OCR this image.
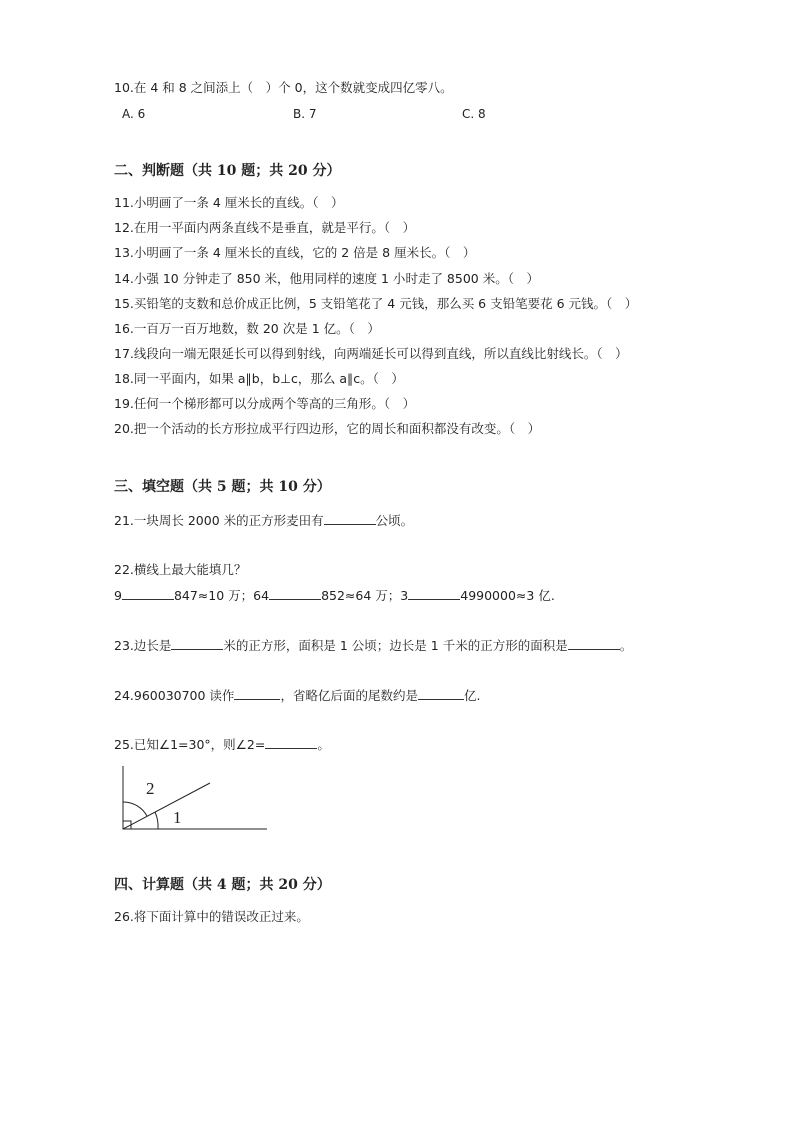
10.在 4 和 8 之间添上（　）个 0，这个数就变成四亿零八。
A. 6	B. 7	C. 8
二、判断题（共 10 题；共 20 分）
11.小明画了一条 4 厘米长的直线。（　）
12.在用一平面内两条直线不是垂直，就是平行。（　）
13.小明画了一条 4 厘米长的直线，它的 2 倍是 8 厘米长。（　）
14.小强 10 分钟走了 850 米，他用同样的速度 1 小时走了 8500 米。（　）
15.买铅笔的支数和总价成正比例，5 支铅笔花了 4 元钱，那么买 6 支铅笔要花 6 元钱。（　）
16.一百万一百万地数，数 20 次是 1 亿。（　）
17.线段向一端无限延长可以得到射线，向两端延长可以得到直线，所以直线比射线长。（　）
18.同一平面内，如果 a∥b，b⊥c，那么 a∥c。（　）
19.任何一个梯形都可以分成两个等高的三角形。（　）
20.把一个活动的长方形拉成平行四边形，它的周长和面积都没有改变。（　）
三、填空题（共 5 题；共 10 分）
21.一块周长 2000 米的正方形麦田有	公顷。
22.横线上最大能填几？
9	847≈10 万；64	852≈64 万；3	4990000≈3 亿.
23.边长是	米的正方形，面积是 1 公顷；边长是 1 千米的正方形的面积是	。
24.960030700 读作	，省略亿后面的尾数约是	亿.
25.已知∠1=30°，则∠2=	。
2
1
四、计算题（共 4 题；共 20 分）
26.将下面计算中的错误改正过来。
